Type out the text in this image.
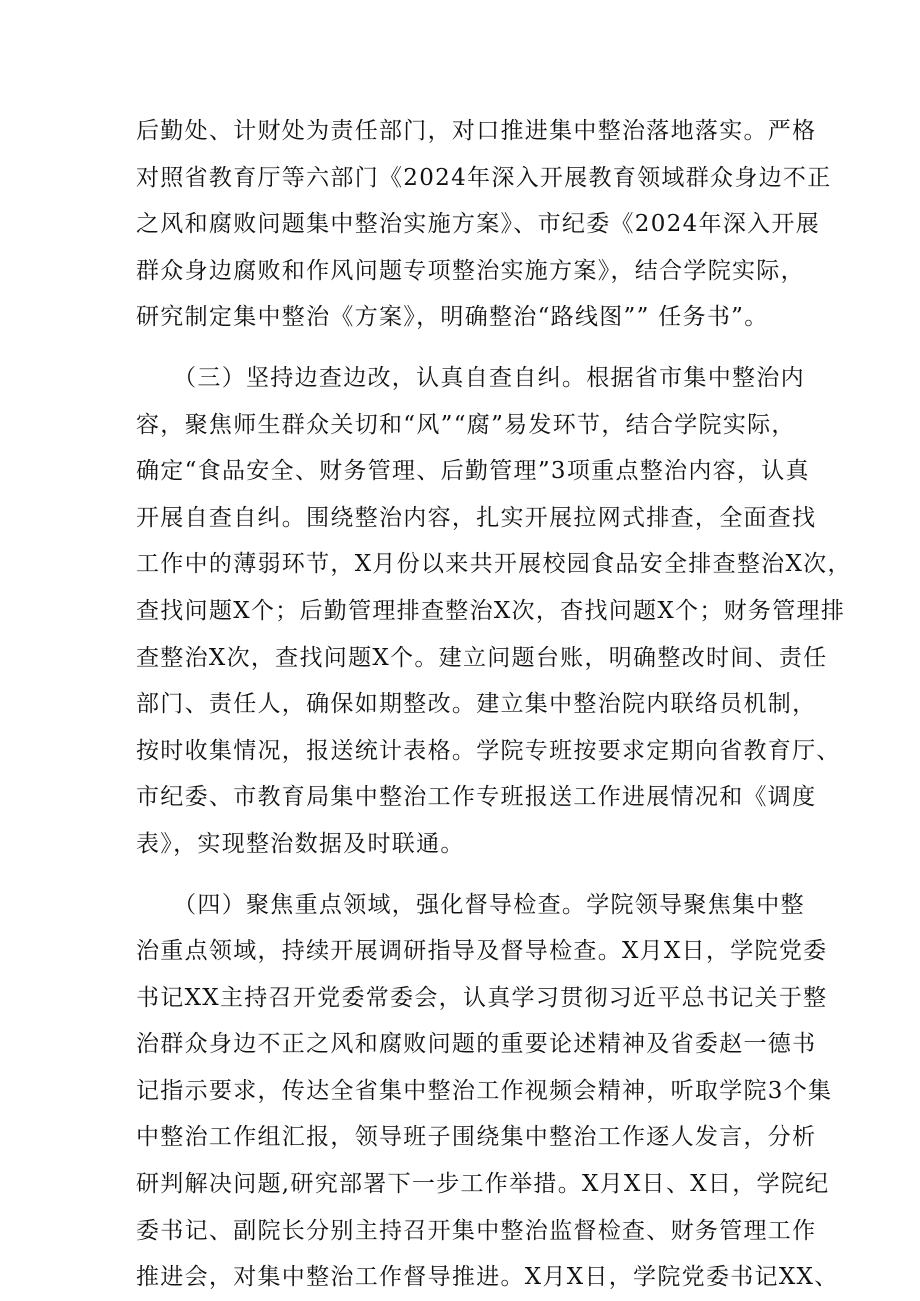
后勤处、计财处为责任部门，对口推进集中整治落地落实。严格
对照省教育厅等六部门《2024年深入开展教育领域群众身边不正
之风和腐败问题集中整治实施方案》、市纪委《2024年深入开展
群众身边腐败和作风问题专项整治实施方案》，结合学院实际，
研究制定集中整治《方案》，明确整治“路线图”” 任务书”。
　　（三）坚持边查边改，认真自查自纠。根据省市集中整治内
容，聚焦师生群众关切和“风”“腐”易发环节，结合学院实际，
确定“食品安全、财务管理、后勤管理”3项重点整治内容，认真
开展自查自纠。围绕整治内容，扎实开展拉网式排查，全面查找
工作中的薄弱环节，X月份以来共开展校园食品安全排查整治X次，
查找问题X个；后勤管理排查整治X次，杳找问题X个；财务管理排
查整治X次，查找问题X个。建立问题台账，明确整改时间、责任
部门、责任人，确保如期整改。建立集中整治院内联络员机制，
按时收集情况，报送统计表格。学院专班按要求定期向省教育厅、
市纪委、市教育局集中整治工作专班报送工作进展情况和《调度
表》，实现整治数据及时联通。
　　（四）聚焦重点领域，强化督导检查。学院领导聚焦集中整
治重点领域，持续开展调研指导及督导检查。X月X日，学院党委
书记XX主持召开党委常委会，认真学习贯彻习近平总书记关于整
治群众身边不正之风和腐败问题的重要论述精神及省委赵一德书
记指示要求，传达全省集中整治工作视频会精神，听取学院3个集
中整治工作组汇报，领导班子围绕集中整治工作逐人发言，分析
研判解决问题,研究部署下一步工作举措。X月X日、X日，学院纪
委书记、副院长分别主持召开集中整治监督检查、财务管理工作
推进会，对集中整治工作督导推进。X月X日，学院党委书记XX、
